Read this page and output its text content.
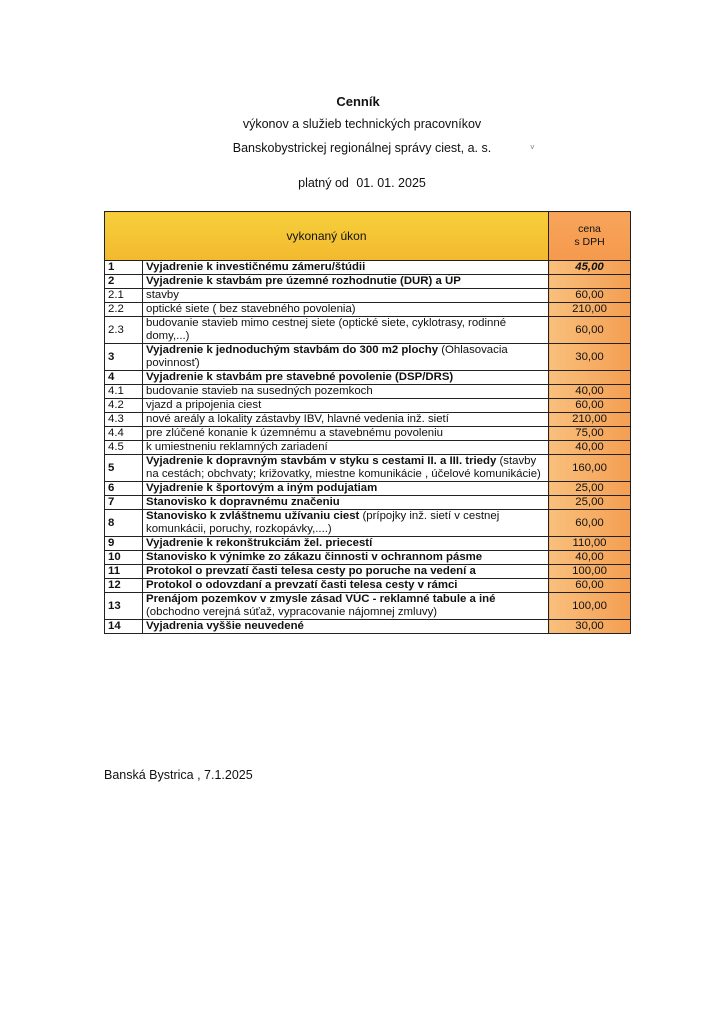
Cenník
výkonov a služieb technických pracovníkov
Banskobystrickej regionálnej správy ciest, a. s.	˅
platný od 01. 01. 2025
vykonaný úkon		cena
s DPH

1	Vyjadrenie k investičnému zámeru/štúdii	45,00
2	Vyjadrenie k stavbám pre územné rozhodnutie (DUR) a ÚP	
2.1	stavby	60,00
2.2	optické siete ( bez stavebného povolenia)	210,00
2.3	budovanie stavieb mimo cestnej siete (optické siete, cyklotrasy, rodinné domy,...)	60,00
3	Vyjadrenie k jednoduchým stavbám do 300 m2 plochy (Ohlasovacia povinnosť)	30,00
4	Vyjadrenie k stavbám pre stavebné povolenie (DSP/DRS)	
4.1	budovanie stavieb na susedných pozemkoch	40,00
4.2	vjazd a pripojenia ciest	60,00
4.3	nové areály a lokality zástavby IBV, hlavné vedenia inž. sietí	210,00
4.4	pre zlúčené konanie k územnému a stavebnému povoleniu	75,00
4.5	k umiestneniu reklamných zariadení	40,00
5	Vyjadrenie k dopravným stavbám v styku s cestami II. a III. triedy (stavby na cestách; obchvaty; križovatky, miestne komunikácie , účelové komunikácie)	160,00
6	Vyjadrenie k športovým a iným podujatiam	25,00
7	Stanovisko k dopravnému značeniu	25,00
8	Stanovisko k zvláštnemu užívaniu ciest (prípojky inž. sietí v cestnej komunkácii, poruchy, rozkopávky,....)	60,00
9	Vyjadrenie k rekonštrukciám žel. priecestí	110,00
10	Stanovisko k výnimke zo zákazu činnosti v ochrannom pásme	40,00
11	Protokol o prevzatí časti telesa cesty po poruche na vedení a	100,00
12	Protokol o odovzdaní a prevzatí časti telesa cesty v rámci	60,00
13	Prenájom pozemkov v zmysle zásad VÚC - reklamné tabule a iné (obchodno verejná súťaž, vypracovanie nájomnej zmluvy)	100,00
14	Vyjadrenia vyššie neuvedené	30,00
Banská Bystrica , 7.1.2025
